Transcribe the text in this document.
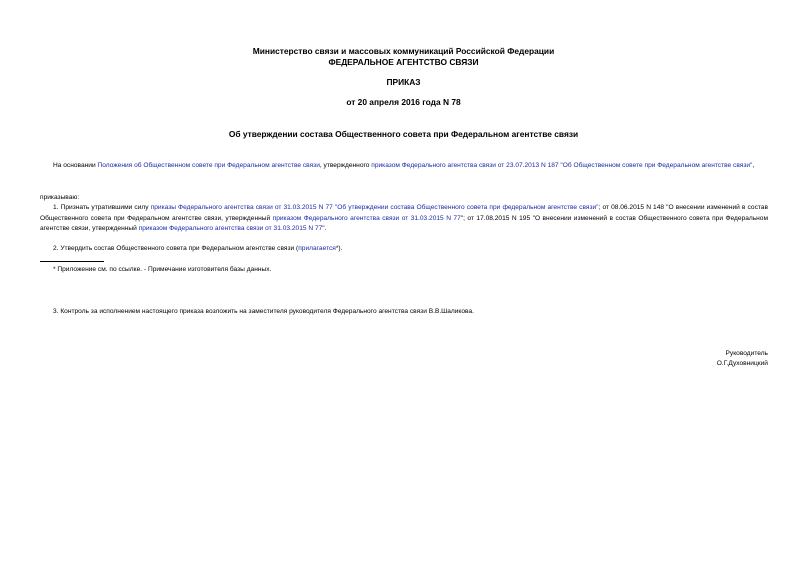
Министерство связи и массовых коммуникаций Российской Федерации
ФЕДЕРАЛЬНОЕ АГЕНТСТВО СВЯЗИ
ПРИКАЗ
от 20 апреля 2016 года N 78
Об утверждении состава Общественного совета при Федеральном агентстве связи
На основании Положения об Общественном совете при Федеральном агентстве связи, утвержденного приказом Федерального агентства связи от 23.07.2013 N 187 "Об Общественном совете при Федеральном агентстве связи",
приказываю:
1. Признать утратившими силу приказы Федерального агентства связи от 31.03.2015 N 77 "Об утверждении состава Общественного совета при федеральном агентстве связи"; от 08.06.2015 N 148 "О внесении изменений в состав Общественного совета при Федеральном агентстве связи, утвержденный приказом Федерального агентства связи от 31.03.2015 N 77"; от 17.08.2015 N 195 "О внесении изменений в состав Общественного совета при Федеральном агентстве связи, утвержденный приказом Федерального агентства связи от 31.03.2015 N 77".
2. Утвердить состав Общественного совета при Федеральном агентстве связи (прилагается*).
* Приложение см. по ссылке. - Примечание изготовителя базы данных.
3. Контроль за исполнением настоящего приказа возложить на заместителя руководителя Федерального агентства связи В.В.Шаликова.
Руководитель
О.Г.Духовницкий
